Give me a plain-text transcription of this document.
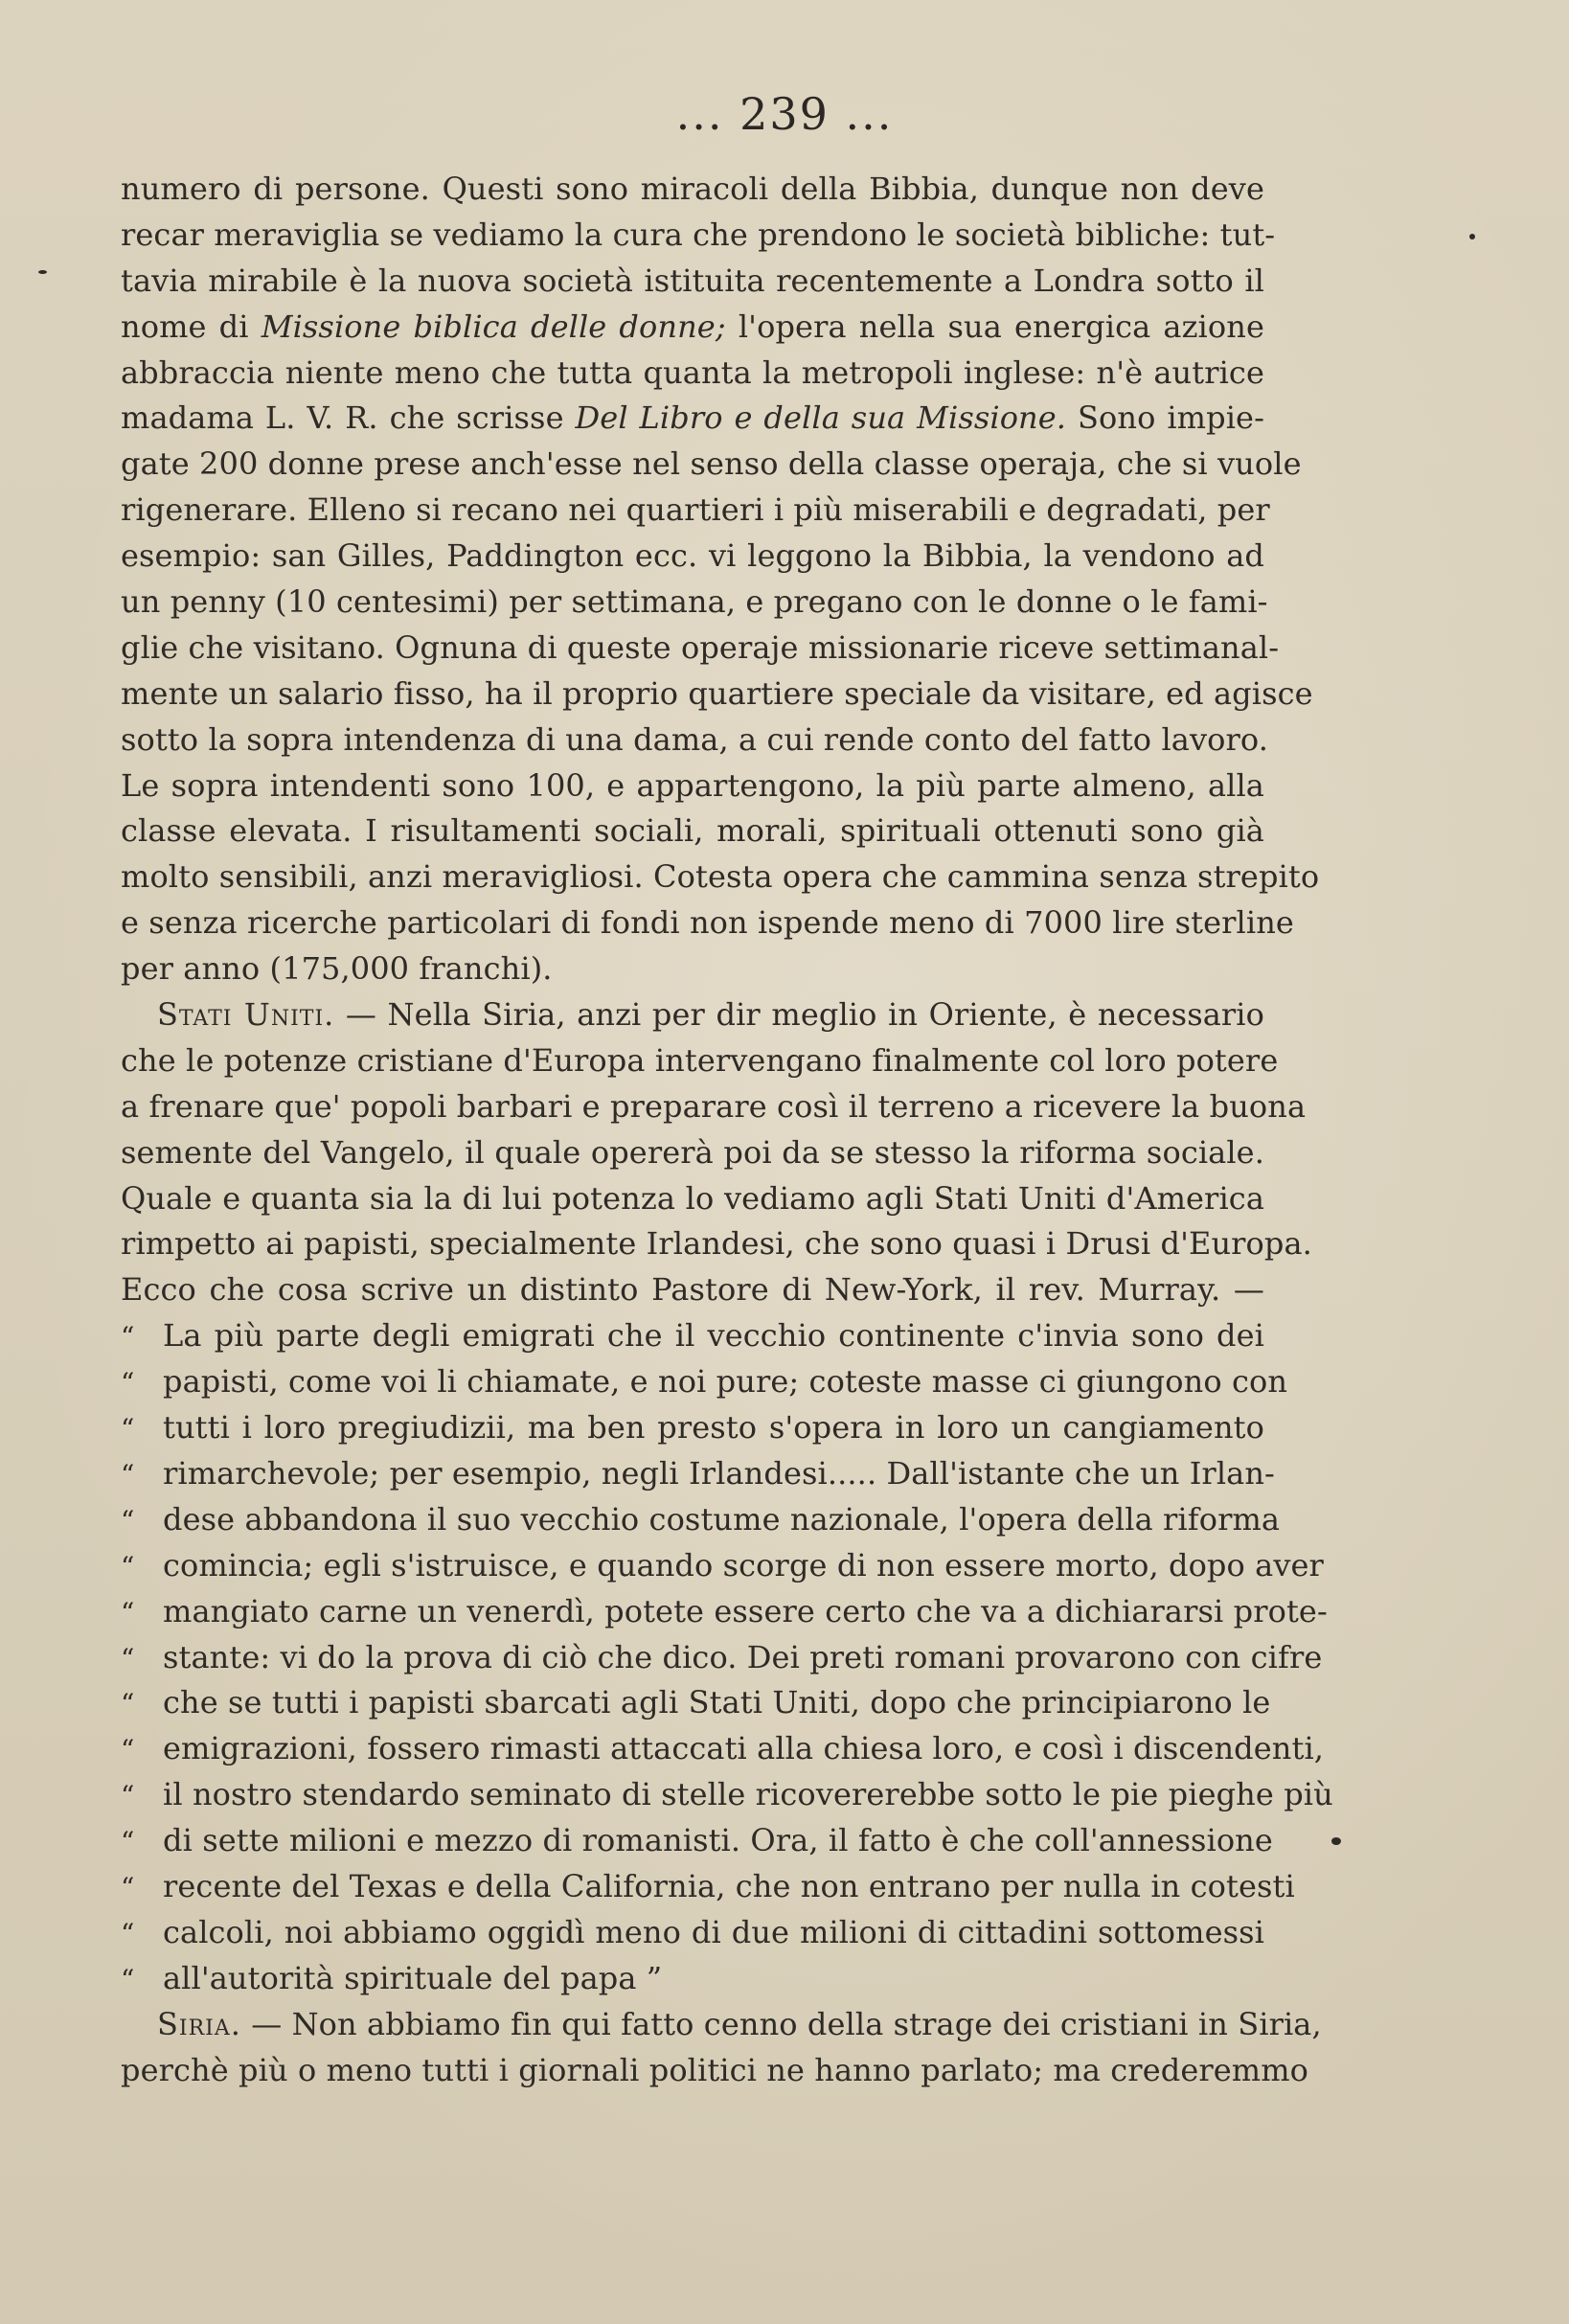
... 239 ...
numero di persone. Questi sono miracoli della Bibbia, dunque non deve
recar meraviglia se vediamo la cura che prendono le società bibliche: tut-
tavia mirabile è la nuova società istituita recentemente a Londra sotto il
nome di Missione biblica delle donne; l'opera nella sua energica azione
abbraccia niente meno che tutta quanta la metropoli inglese: n'è autrice
madama L. V. R. che scrisse Del Libro e della sua Missione. Sono impie-
gate 200 donne prese anch'esse nel senso della classe operaja, che si vuole
rigenerare. Elleno si recano nei quartieri i più miserabili e degradati, per
esempio: san Gilles, Paddington ecc. vi leggono la Bibbia, la vendono ad
un penny (10 centesimi) per settimana, e pregano con le donne o le fami-
glie che visitano. Ognuna di queste operaje missionarie riceve settimanal-
mente un salario fisso, ha il proprio quartiere speciale da visitare, ed agisce
sotto la sopra intendenza di una dama, a cui rende conto del fatto lavoro.
Le sopra intendenti sono 100, e appartengono, la più parte almeno, alla
classe elevata. I risultamenti sociali, morali, spirituali ottenuti sono già
molto sensibili, anzi meravigliosi. Cotesta opera che cammina senza strepito
e senza ricerche particolari di fondi non ispende meno di 7000 lire sterline
per anno (175,000 franchi).
Stati Uniti. — Nella Siria, anzi per dir meglio in Oriente, è necessario
che le potenze cristiane d'Europa intervengano finalmente col loro potere
a frenare que' popoli barbari e preparare così il terreno a ricevere la buona
semente del Vangelo, il quale opererà poi da se stesso la riforma sociale.
Quale e quanta sia la di lui potenza lo vediamo agli Stati Uniti d'America
rimpetto ai papisti, specialmente Irlandesi, che sono quasi i Drusi d'Europa.
Ecco che cosa scrive un distinto Pastore di New-York, il rev. Murray. —
“ La più parte degli emigrati che il vecchio continente c'invia sono dei
“ papisti, come voi li chiamate, e noi pure; coteste masse ci giungono con
“ tutti i loro pregiudizii, ma ben presto s'opera in loro un cangiamento
“ rimarchevole; per esempio, negli Irlandesi..... Dall'istante che un Irlan-
“ dese abbandona il suo vecchio costume nazionale, l'opera della riforma
“ comincia; egli s'istruisce, e quando scorge di non essere morto, dopo aver
“ mangiato carne un venerdì, potete essere certo che va a dichiararsi prote-
“ stante: vi do la prova di ciò che dico. Dei preti romani provarono con cifre
“ che se tutti i papisti sbarcati agli Stati Uniti, dopo che principiarono le
“ emigrazioni, fossero rimasti attaccati alla chiesa loro, e così i discendenti,
“ il nostro stendardo seminato di stelle ricovererebbe sotto le pie pieghe più
“ di sette milioni e mezzo di romanisti. Ora, il fatto è che coll'annessione
“ recente del Texas e della California, che non entrano per nulla in cotesti
“ calcoli, noi abbiamo oggidì meno di due milioni di cittadini sottomessi
“ all'autorità spirituale del papa ”
Siria. — Non abbiamo fin qui fatto cenno della strage dei cristiani in Siria,
perchè più o meno tutti i giornali politici ne hanno parlato; ma crederemmo
